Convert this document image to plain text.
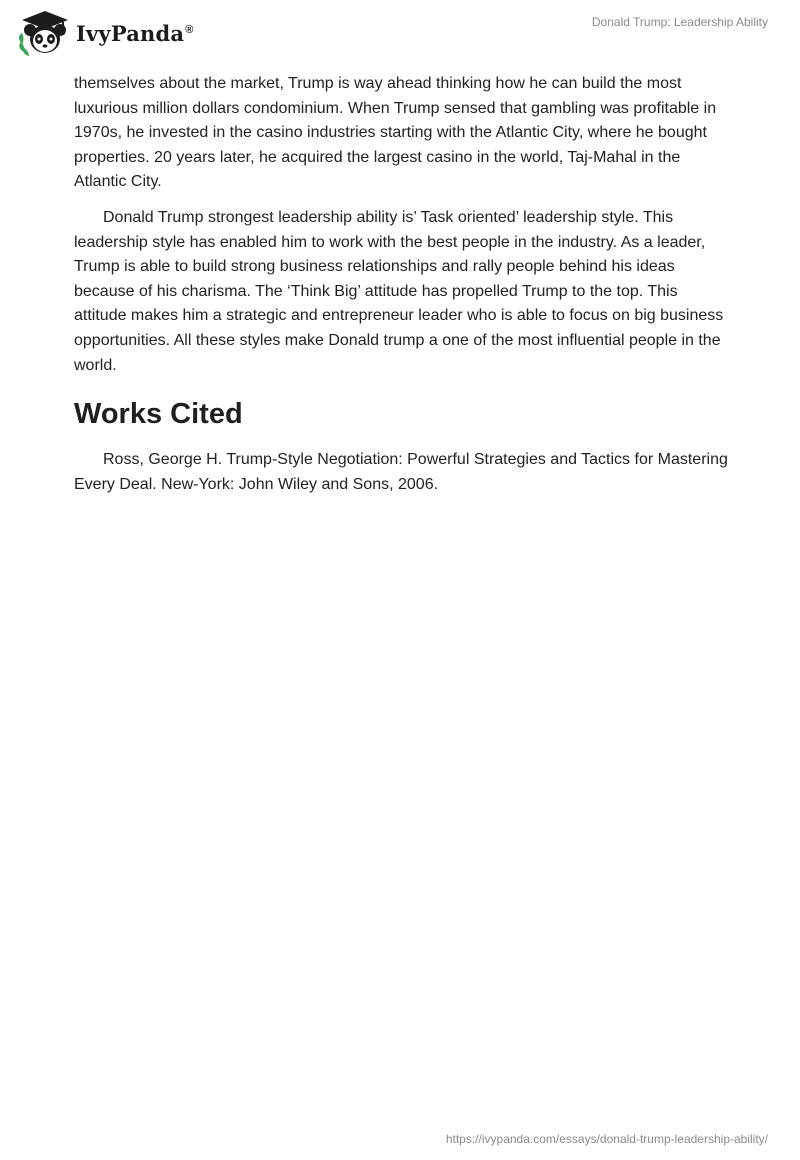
IvyPanda®
Donald Trump: Leadership Ability

themselves about the market, Trump is way ahead thinking how he can build the most luxurious million dollars condominium. When Trump sensed that gambling was profitable in 1970s, he invested in the casino industries starting with the Atlantic City, where he bought properties. 20 years later, he acquired the largest casino in the world, Taj-Mahal in the Atlantic City.

Donald Trump strongest leadership ability is’ Task oriented’ leadership style. This leadership style has enabled him to work with the best people in the industry. As a leader, Trump is able to build strong business relationships and rally people behind his ideas because of his charisma. The ‘Think Big’ attitude has propelled Trump to the top. This attitude makes him a strategic and entrepreneur leader who is able to focus on big business opportunities. All these styles make Donald trump a one of the most influential people in the world.

Works Cited

Ross, George H. Trump-Style Negotiation: Powerful Strategies and Tactics for Mastering Every Deal. New-York: John Wiley and Sons, 2006.

https://ivypanda.com/essays/donald-trump-leadership-ability/
